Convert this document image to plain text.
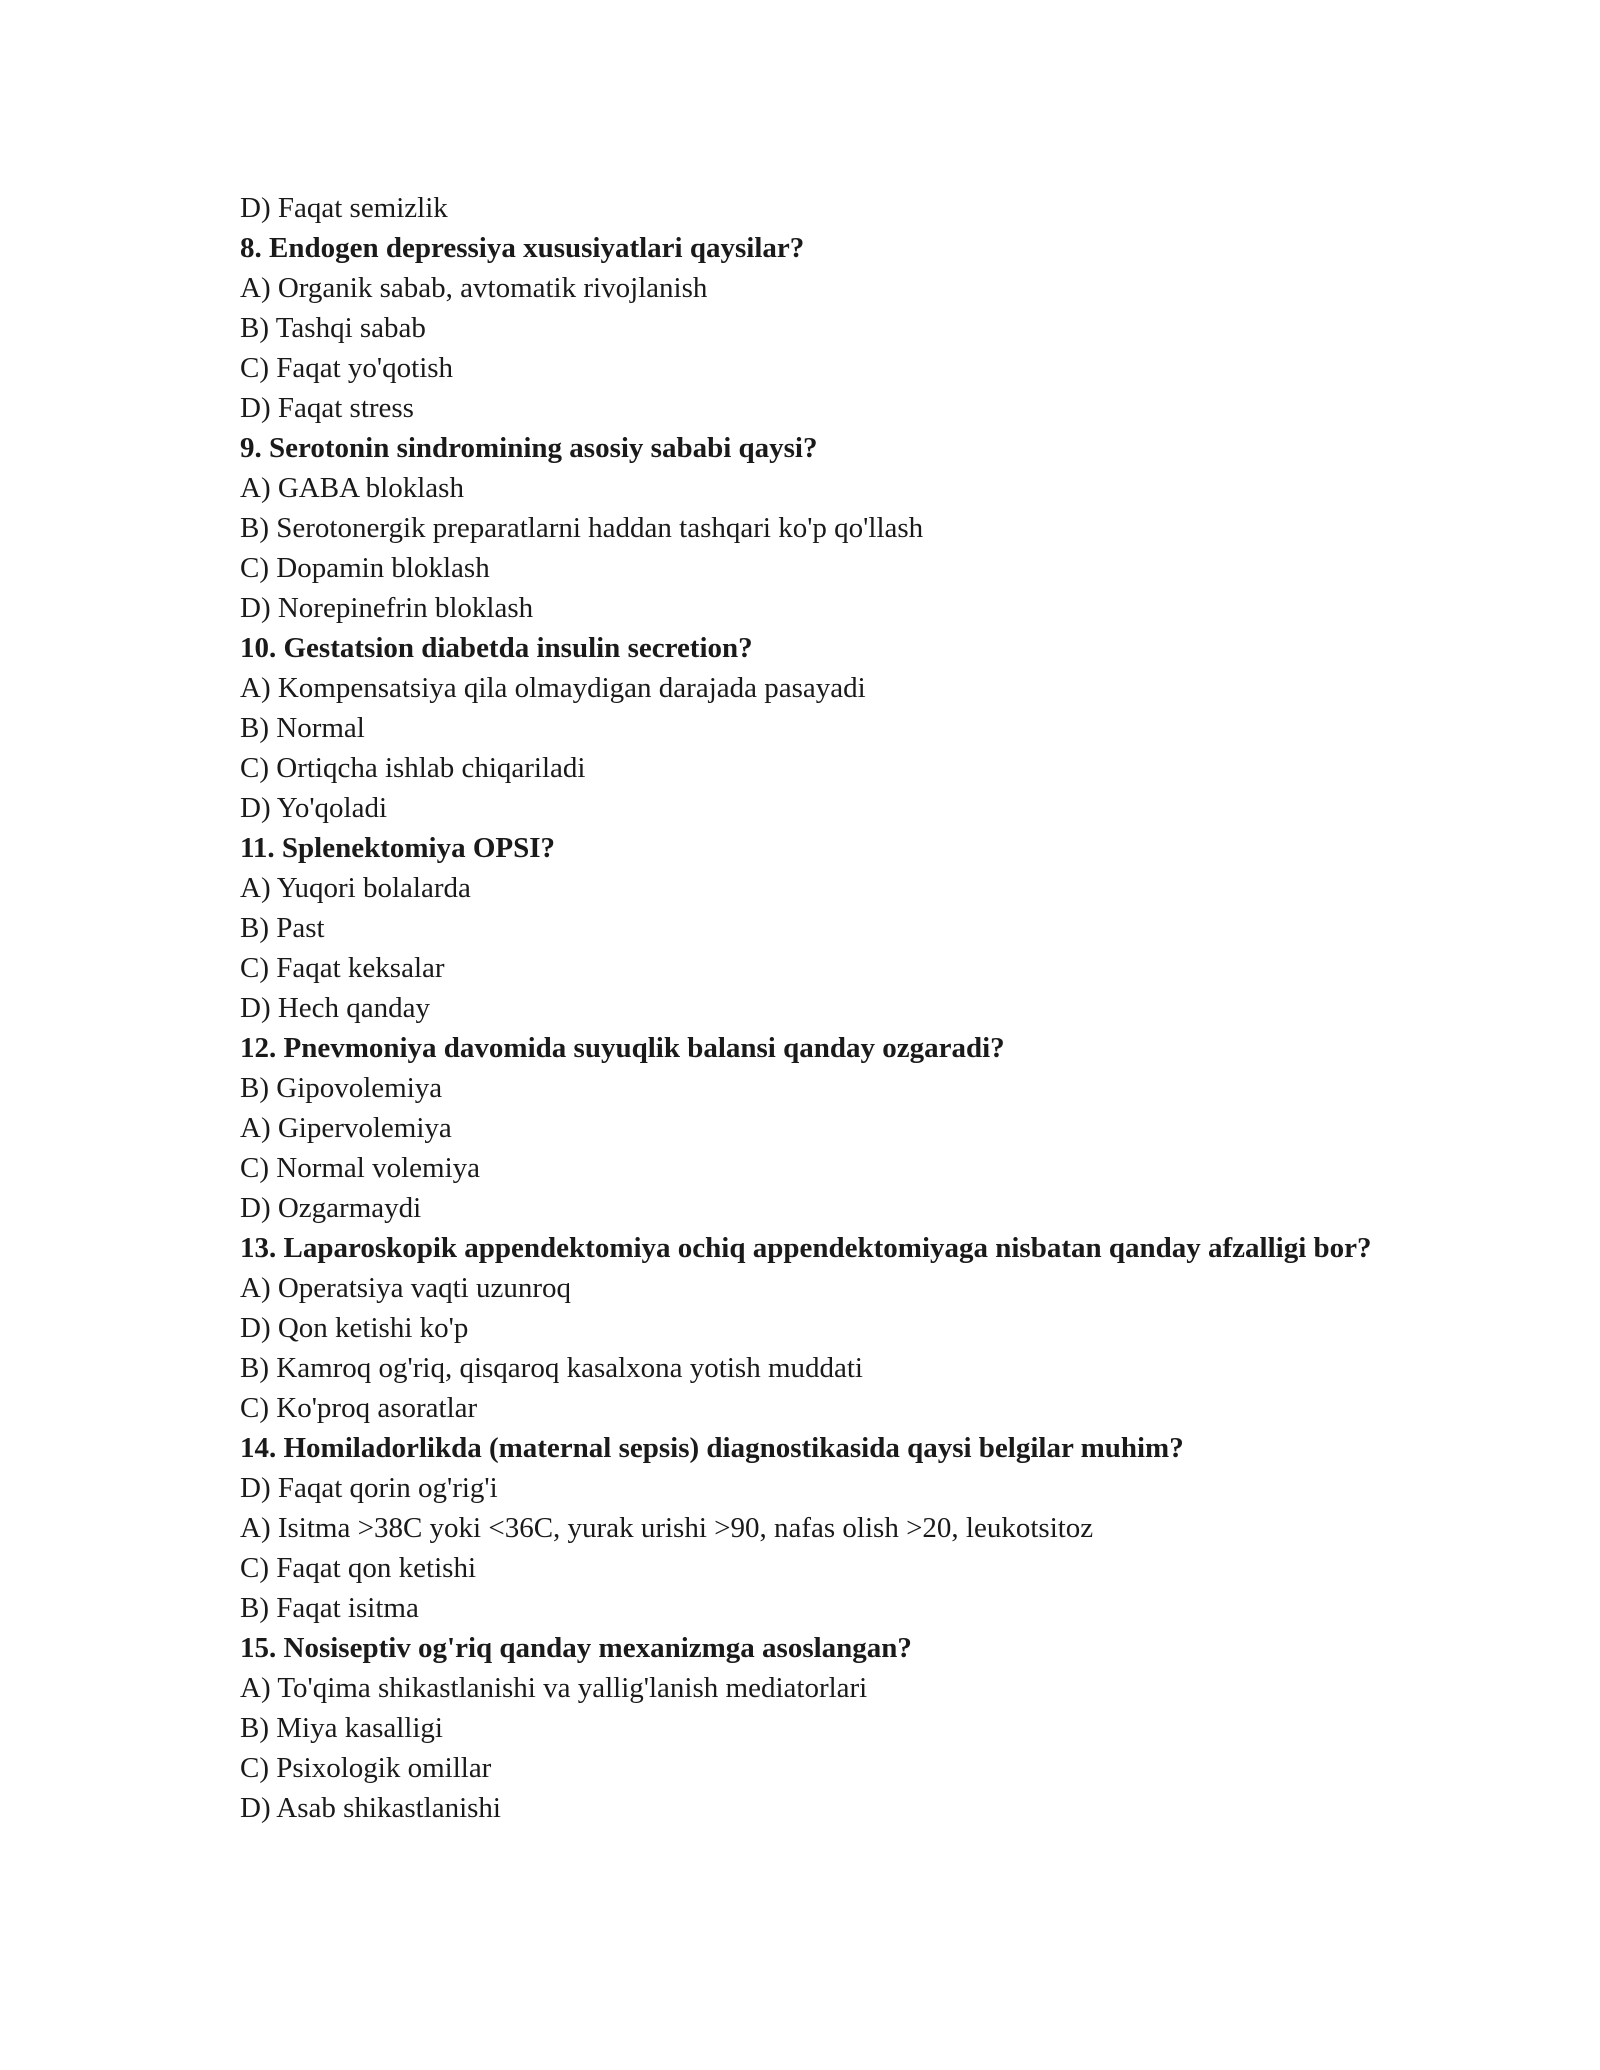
D) Faqat semizlik
8. Endogen depressiya xususiyatlari qaysilar?
A) Organik sabab, avtomatik rivojlanish
B) Tashqi sabab
C) Faqat yo'qotish
D) Faqat stress
9. Serotonin sindromining asosiy sababi qaysi?
A) GABA bloklash
B) Serotonergik preparatlarni haddan tashqari ko'p qo'llash
C) Dopamin bloklash
D) Norepinefrin bloklash
10. Gestatsion diabetda insulin secretion?
A) Kompensatsiya qila olmaydigan darajada pasayadi
B) Normal
C) Ortiqcha ishlab chiqariladi
D) Yo'qoladi
11. Splenektomiya OPSI?
A) Yuqori bolalarda
B) Past
C) Faqat keksalar
D) Hech qanday
12. Pnevmoniya davomida suyuqlik balansi qanday ozgaradi?
B) Gipovolemiya
A) Gipervolemiya
C) Normal volemiya
D) Ozgarmaydi
13. Laparoskopik appendektomiya ochiq appendektomiyaga nisbatan qanday afzalligi bor?
A) Operatsiya vaqti uzunroq
D) Qon ketishi ko'p
B) Kamroq og'riq, qisqaroq kasalxona yotish muddati
C) Ko'proq asoratlar
14. Homiladorlikda (maternal sepsis) diagnostikasida qaysi belgilar muhim?
D) Faqat qorin og'rig'i
A) Isitma >38C yoki <36C, yurak urishi >90, nafas olish >20, leukotsitoz
C) Faqat qon ketishi
B) Faqat isitma
15. Nosiseptiv og'riq qanday mexanizmga asoslangan?
A) To'qima shikastlanishi va yallig'lanish mediatorlari
B) Miya kasalligi
C) Psixologik omillar
D) Asab shikastlanishi
